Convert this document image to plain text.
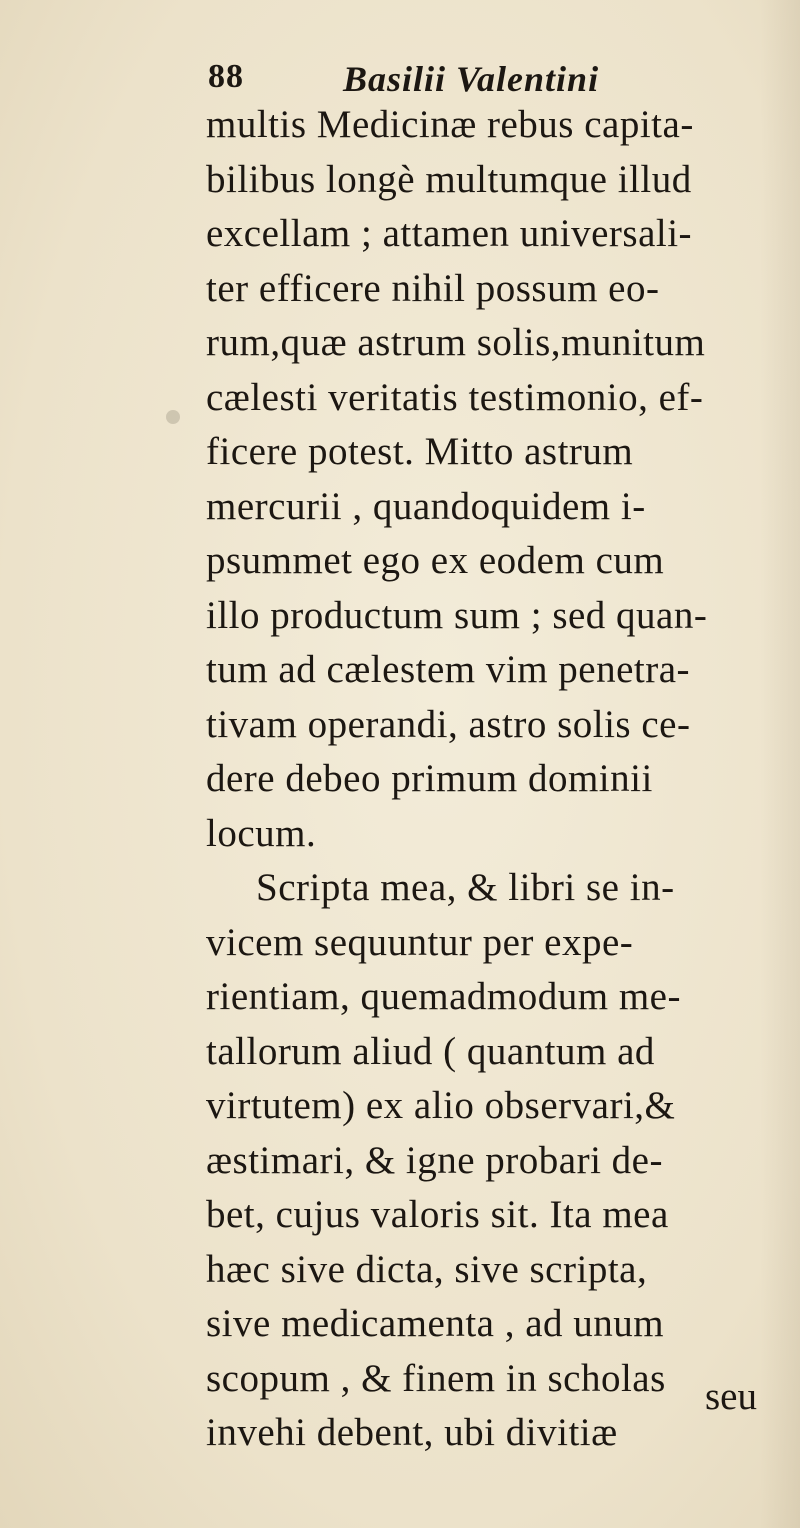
88	Basilii Valentini
multis Medicinæ rebus capita-
bilibus longè multumque illud
excellam ; attamen universali-
ter efficere nihil possum eo-
rum,quæ astrum solis,munitum
cælesti veritatis testimonio, ef-
ficere potest. Mitto astrum
mercurii , quandoquidem i-
psummet ego ex eodem cum
illo productum sum ; sed quan-
tum ad cælestem vim penetra-
tivam operandi, astro solis ce-
dere debeo primum dominii
locum.
Scripta mea, & libri se in-
vicem sequuntur per expe-
rientiam, quemadmodum me-
tallorum aliud ( quantum ad
virtutem) ex alio observari,&
æstimari, & igne probari de-
bet, cujus valoris sit. Ita mea
hæc sive dicta, sive scripta,
sive medicamenta , ad unum
scopum , & finem in scholas
invehi debent, ubi divitiæ
seu
